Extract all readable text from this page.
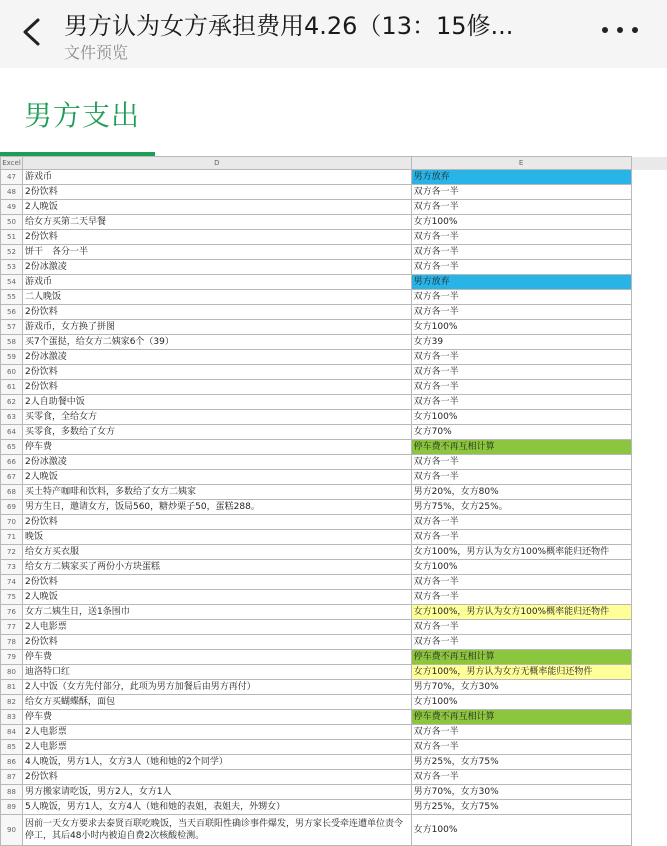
男方认为女方承担费用4.26（13：15修...
文件预览
男方支出
Excel	D	E	
47	游戏币	男方放弃	
48	2份饮料	双方各一半	
49	2人晚饭	双方各一半	
50	给女方买第二天早餐	女方100%	
51	2份饮料	双方各一半	
52	饼干　各分一半	双方各一半	
53	2份冰激凌	双方各一半	
54	游戏币	男方放弃	
55	二人晚饭	双方各一半	
56	2份饮料	双方各一半	
57	游戏币，女方换了拼图	女方100%	
58	买7个蛋挞，给女方二姨家6个（39）	女方39	
59	2份冰激凌	双方各一半	
60	2份饮料	双方各一半	
61	2份饮料	双方各一半	
62	2人自助餐中饭	双方各一半	
63	买零食，全给女方	女方100%	
64	买零食，多数给了女方	女方70%	
65	停车费	停车费不再互相计算	
66	2份冰激凌	双方各一半	
67	2人晚饭	双方各一半	
68	买土特产咖啡和饮料，多数给了女方二姨家	男方20%，女方80%	
69	男方生日，邀请女方，饭局560，糖炒栗子50，蛋糕288。	男方75%，女方25%。	
70	2份饮料	双方各一半	
71	晚饭	双方各一半	
72	给女方买衣服	女方100%，男方认为女方100%概率能归还物件	
73	给女方二姨家买了两份小方块蛋糕	女方100%	
74	2份饮料	双方各一半	
75	2人晚饭	双方各一半	
76	女方二姨生日，送1条围巾	女方100%，男方认为女方100%概率能归还物件	
77	2人电影票	双方各一半	
78	2份饮料	双方各一半	
79	停车费	停车费不再互相计算	
80	迪洛特口红	女方100%，男方认为女方无概率能归还物件	
81	2人中饭（女方先付部分，此项为男方加餐后由男方再付）	男方70%，女方30%	
82	给女方买蝴蝶酥，面包	女方100%	
83	停车费	停车费不再互相计算	
84	2人电影票	双方各一半	
85	2人电影票	双方各一半	
86	4人晚饭，男方1人，女方3人（她和她的2个同学）	男方25%，女方75%	
87	2份饮料	双方各一半	
88	男方搬家请吃饭，男方2人，女方1人	男方70%，女方30%	
89	5人晚饭，男方1人，女方4人（她和她的表姐，表姐夫，外甥女）	男方25%，女方75%	
90	因前一天女方要求去泰贤百联吃晚饭，当天百联阳性确诊事件爆发，男方家长受牵连遭单位责令停工，其后48小时内被迫自费2次核酸检测。	女方100%	
